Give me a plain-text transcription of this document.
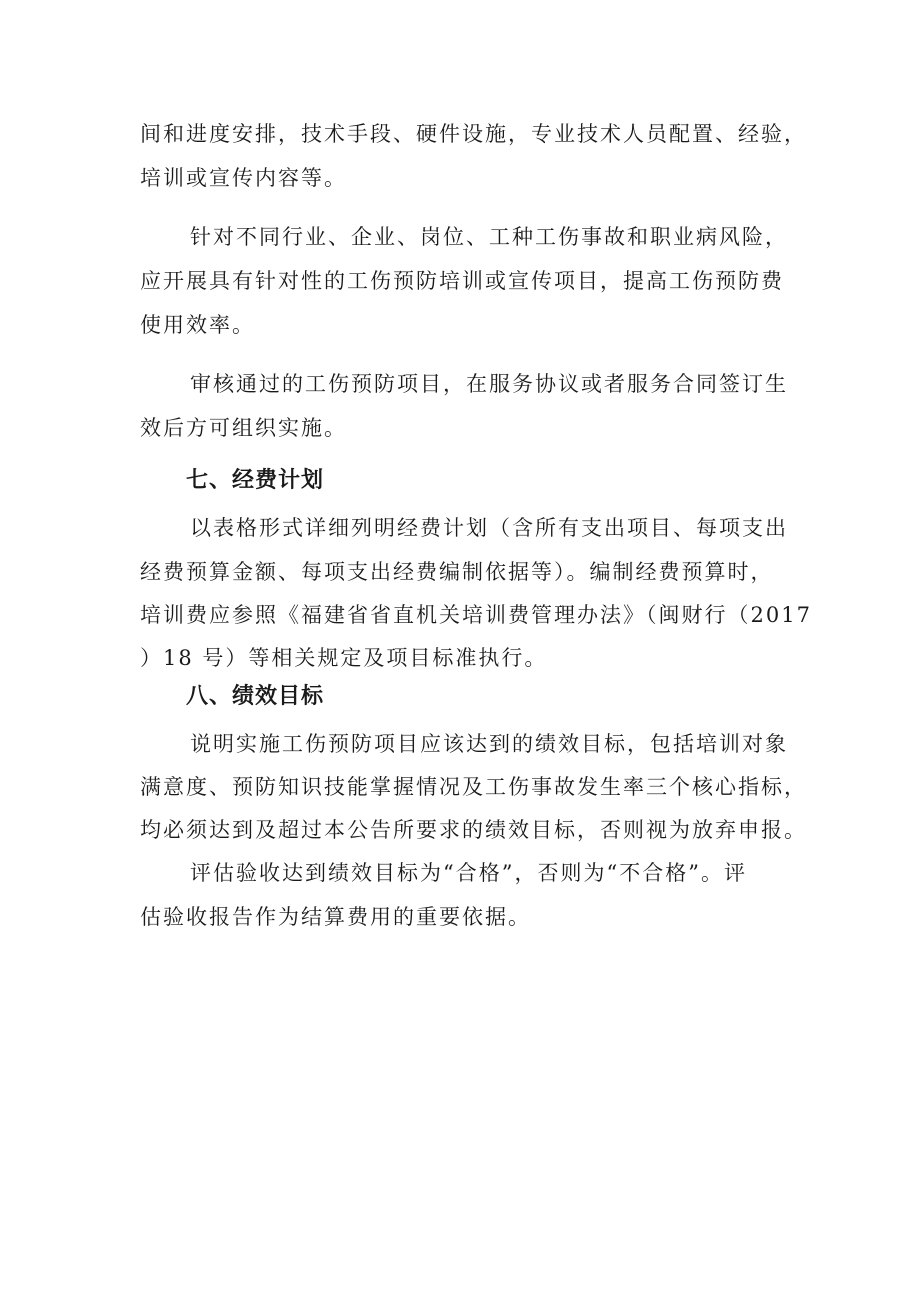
间和进度安排，技术手段、硬件设施，专业技术人员配置、经验，
培训或宣传内容等。
针对不同行业、企业、岗位、工种工伤事故和职业病风险，
应开展具有针对性的工伤预防培训或宣传项目，提高工伤预防费
使用效率。
审核通过的工伤预防项目，在服务协议或者服务合同签订生
效后方可组织实施。
七、经费计划
以表格形式详细列明经费计划（含所有支出项目、每项支出
经费预算金额、每项支出经费编制依据等）。编制经费预算时，
培训费应参照《福建省省直机关培训费管理办法》（闽财行（2017
）18 号）等相关规定及项目标准执行。
八、绩效目标
说明实施工伤预防项目应该达到的绩效目标，包括培训对象
满意度、预防知识技能掌握情况及工伤事故发生率三个核心指标，
均必须达到及超过本公告所要求的绩效目标，否则视为放弃申报。
评估验收达到绩效目标为“合格”，否则为“不合格”。评
估验收报告作为结算费用的重要依据。
